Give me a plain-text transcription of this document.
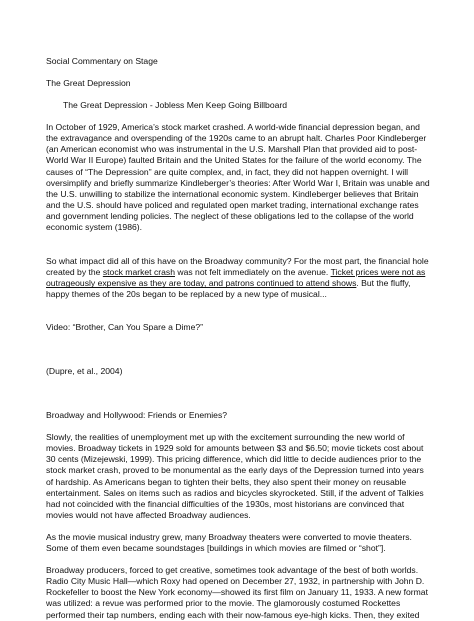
Social Commentary on Stage

The Great Depression

The Great Depression - Jobless Men Keep Going Billboard

In October of 1929, America’s stock market crashed. A world-wide financial depression began, and
the extravagance and overspending of the 1920s came to an abrupt halt. Charles Poor Kindleberger
(an American economist who was instrumental in the U.S. Marshall Plan that provided aid to post-
World War II Europe) faulted Britain and the United States for the failure of the world economy. The
causes of “The Depression” are quite complex, and, in fact, they did not happen overnight. I will
oversimplify and briefly summarize Kindleberger’s theories: After World War I, Britain was unable and
the U.S. unwilling to stabilize the international economic system. Kindleberger believes that Britain
and the U.S. should have policed and regulated open market trading, international exchange rates
and government lending policies. The neglect of these obligations led to the collapse of the world
economic system (1986).
So what impact did all of this have on the Broadway community? For the most part, the financial hole
created by the stock market crash was not felt immediately on the avenue. Ticket prices were not as
outrageously expensive as they are today, and patrons continued to attend shows. But the fluffy,
happy themes of the 20s began to be replaced by a new type of musical...

Video: “Brother, Can You Spare a Dime?”

(Dupre, et al., 2004)

Broadway and Hollywood: Friends or Enemies?

Slowly, the realities of unemployment met up with the excitement surrounding the new world of
movies. Broadway tickets in 1929 sold for amounts between $3 and $6.50; movie tickets cost about
30 cents (Mizejewski, 1999). This pricing difference, which did little to decide audiences prior to the
stock market crash, proved to be monumental as the early days of the Depression turned into years
of hardship. As Americans began to tighten their belts, they also spent their money on reusable
entertainment. Sales on items such as radios and bicycles skyrocketed. Still, if the advent of Talkies
had not coincided with the financial difficulties of the 1930s, most historians are convinced that
movies would not have affected Broadway audiences.
As the movie musical industry grew, many Broadway theaters were converted to movie theaters.
Some of them even became soundstages [buildings in which movies are filmed or “shot”].
Broadway producers, forced to get creative, sometimes took advantage of the best of both worlds.
Radio City Music Hall—which Roxy had opened on December 27, 1932, in partnership with John D.
Rockefeller to boost the New York economy—showed its first film on January 11, 1933. A new format
was utilized: a revue was performed prior to the movie. The glamorously costumed Rockettes
performed their tap numbers, ending each with their now-famous eye-high kicks. Then, they exited
